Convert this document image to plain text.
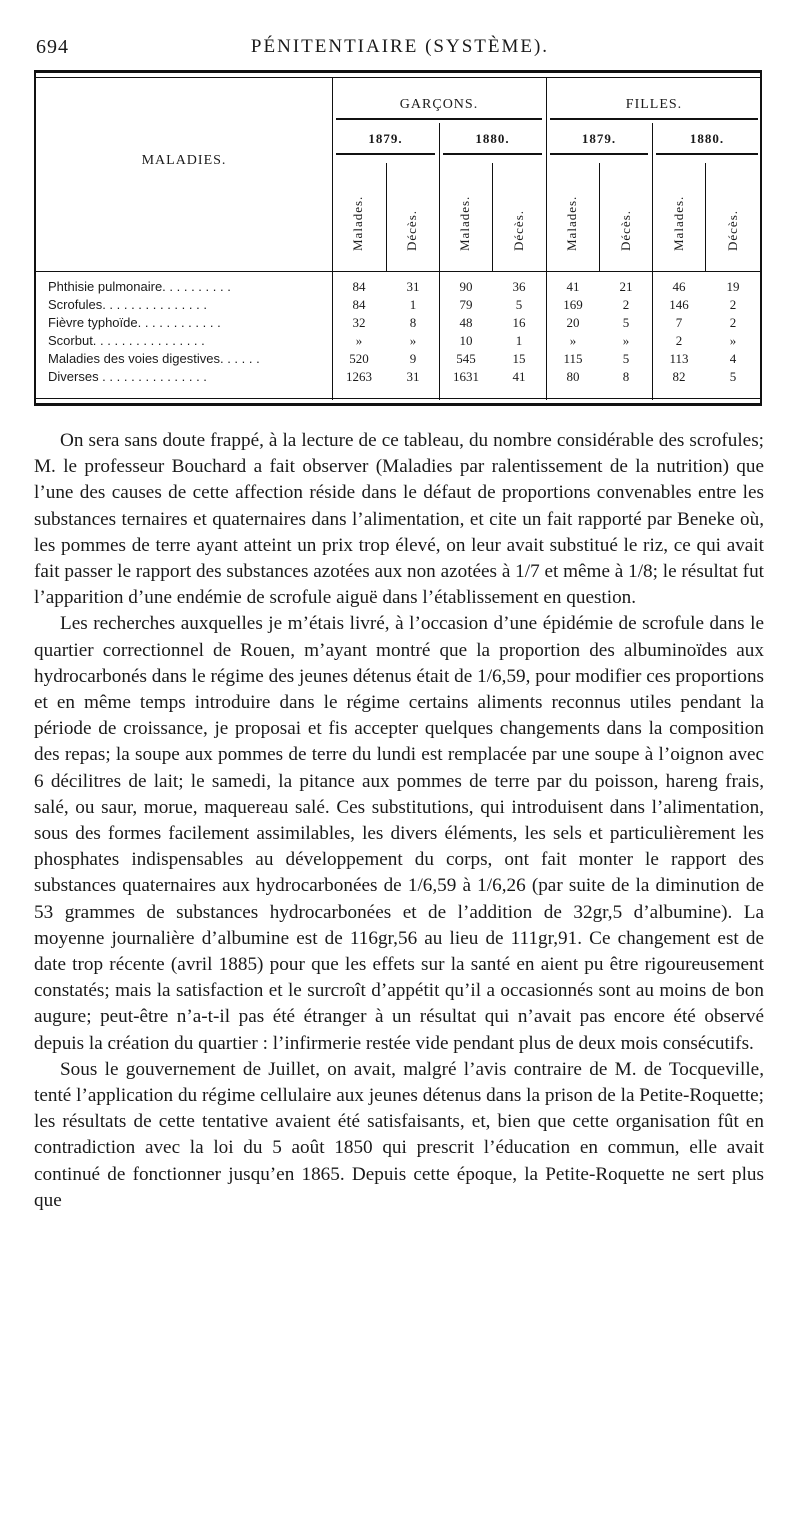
694	PÉNITENTIAIRE (SYSTÈME).
MALADIES.
GARÇONS.	FILLES.
1879.	1880.	1879.	1880.
Malades.	Décès.	Malades.	Décès.	Malades.	Décès.	Malades.	Décès.
Phthisie pulmonaire. . . . . . . . . .	84	31	90	36	41	21	46	19
Scrofules. . . . . . . . . . . . . . .	84	1	79	5	169	2	146	2
Fièvre typhoïde. . . . . . . . . . . .	32	8	48	16	20	5	7	2
Scorbut. . . . . . . . . . . . . . . .	»	»	10	1	»	»	2	»
Maladies des voies digestives. . . . . .	520	9	545	15	115	5	113	4
Diverses . . . . . . . . . . . . . . .	1263	31	1631	41	80	8	82	5

On sera sans doute frappé, à la lecture de ce tableau, du nombre considérable des scrofules; M. le professeur Bouchard a fait observer (Maladies par ralentissement de la nutrition) que l’une des causes de cette affection réside dans le défaut de proportions convenables entre les substances ternaires et quaternaires dans l’alimentation, et cite un fait rapporté par Beneke où, les pommes de terre ayant atteint un prix trop élevé, on leur avait substitué le riz, ce qui avait fait passer le rapport des substances azotées aux non azotées à 1/7 et même à 1/8; le résultat fut l’apparition d’une endémie de scrofule aiguë dans l’établissement en question.

Les recherches auxquelles je m’étais livré, à l’occasion d’une épidémie de scrofule dans le quartier correctionnel de Rouen, m’ayant montré que la proportion des albuminoïdes aux hydrocarbonés dans le régime des jeunes détenus était de 1/6,59, pour modifier ces proportions et en même temps introduire dans le régime certains aliments reconnus utiles pendant la période de croissance, je proposai et fis accepter quelques changements dans la composition des repas; la soupe aux pommes de terre du lundi est remplacée par une soupe à l’oignon avec 6 décilitres de lait; le samedi, la pitance aux pommes de terre par du poisson, hareng frais, salé, ou saur, morue, maquereau salé. Ces substitutions, qui introduisent dans l’alimentation, sous des formes facilement assimilables, les divers éléments, les sels et particulièrement les phosphates indispensables au développement du corps, ont fait monter le rapport des substances quaternaires aux hydrocarbonées de 1/6,59 à 1/6,26 (par suite de la diminution de 53 grammes de substances hydrocarbonées et de l’addition de 32gr,5 d’albumine). La moyenne journalière d’albumine est de 116gr,56 au lieu de 111gr,91. Ce changement est de date trop récente (avril 1885) pour que les effets sur la santé en aient pu être rigoureusement constatés; mais la satisfaction et le surcroît d’appétit qu’il a occasionnés sont au moins de bon augure; peut-être n’a-t-il pas été étranger à un résultat qui n’avait pas encore été observé depuis la création du quartier : l’infirmerie restée vide pendant plus de deux mois consécutifs.

Sous le gouvernement de Juillet, on avait, malgré l’avis contraire de M. de Tocqueville, tenté l’application du régime cellulaire aux jeunes détenus dans la prison de la Petite-Roquette; les résultats de cette tentative avaient été satisfaisants, et, bien que cette organisation fût en contradiction avec la loi du 5 août 1850 qui prescrit l’éducation en commun, elle avait continué de fonctionner jusqu’en 1865. Depuis cette époque, la Petite-Roquette ne sert plus que
